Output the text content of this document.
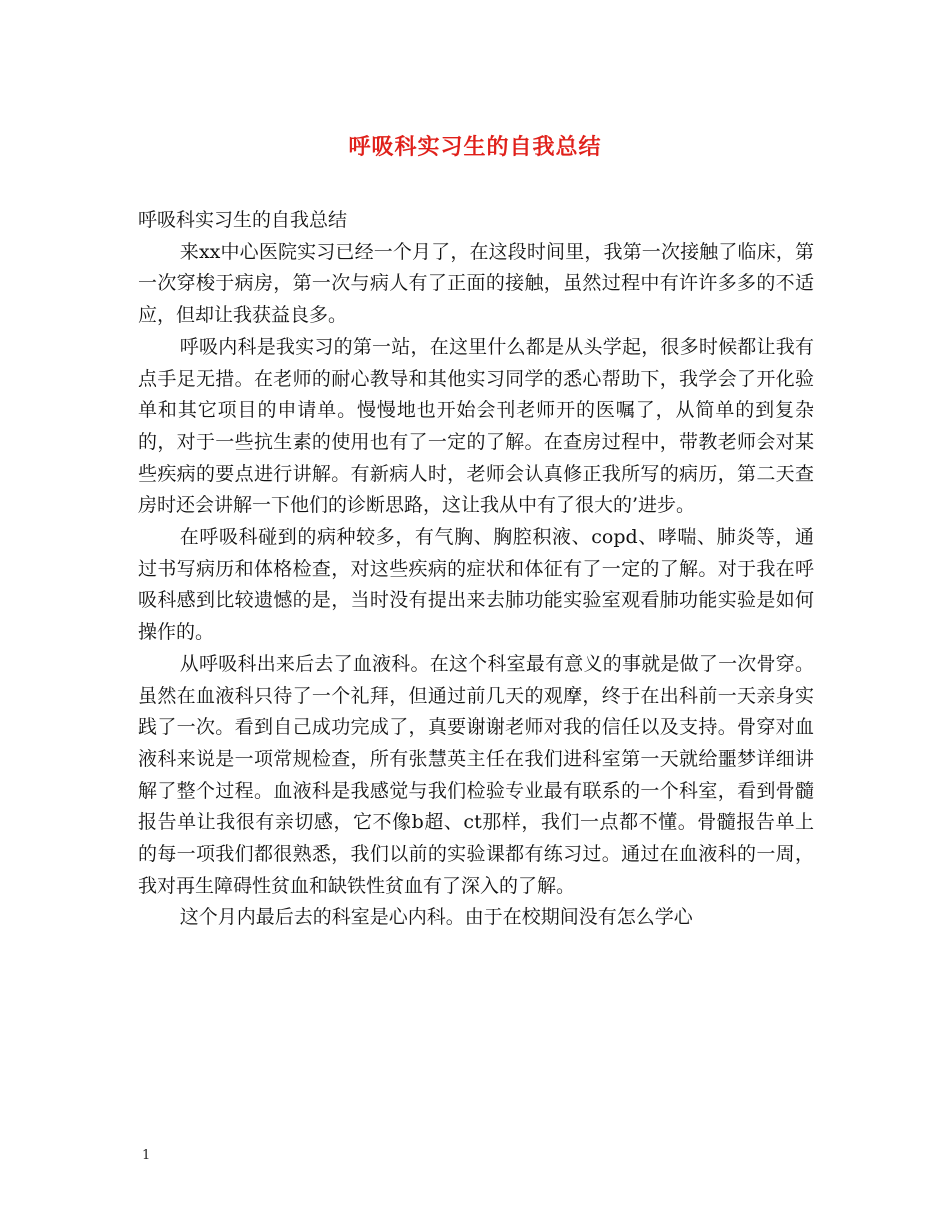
呼吸科实习生的自我总结

呼吸科实习生的自我总结

来xx中心医院实习已经一个月了，在这段时间里，我第一次接触了临床，第一次穿梭于病房，第一次与病人有了正面的接触，虽然过程中有许许多多的不适应，但却让我获益良多。

呼吸内科是我实习的第一站，在这里什么都是从头学起，很多时候都让我有点手足无措。在老师的耐心教导和其他实习同学的悉心帮助下，我学会了开化验单和其它项目的申请单。慢慢地也开始会刊老师开的医嘱了，从简单的到复杂的，对于一些抗生素的使用也有了一定的了解。在查房过程中，带教老师会对某些疾病的要点进行讲解。有新病人时，老师会认真修正我所写的病历，第二天查房时还会讲解一下他们的诊断思路，这让我从中有了很大的’进步。

在呼吸科碰到的病种较多，有气胸、胸腔积液、copd、哮喘、肺炎等，通过书写病历和体格检查，对这些疾病的症状和体征有了一定的了解。对于我在呼吸科感到比较遗憾的是，当时没有提出来去肺功能实验室观看肺功能实验是如何操作的。

从呼吸科出来后去了血液科。在这个科室最有意义的事就是做了一次骨穿。虽然在血液科只待了一个礼拜，但通过前几天的观摩，终于在出科前一天亲身实践了一次。看到自己成功完成了，真要谢谢老师对我的信任以及支持。骨穿对血液科来说是一项常规检查，所有张慧英主任在我们进科室第一天就给噩梦详细讲解了整个过程。血液科是我感觉与我们检验专业最有联系的一个科室，看到骨髓报告单让我很有亲切感，它不像b超、ct那样，我们一点都不懂。骨髓报告单上的每一项我们都很熟悉，我们以前的实验课都有练习过。通过在血液科的一周，我对再生障碍性贫血和缺铁性贫血有了深入的了解。

这个月内最后去的科室是心内科。由于在校期间没有怎么学心

1
